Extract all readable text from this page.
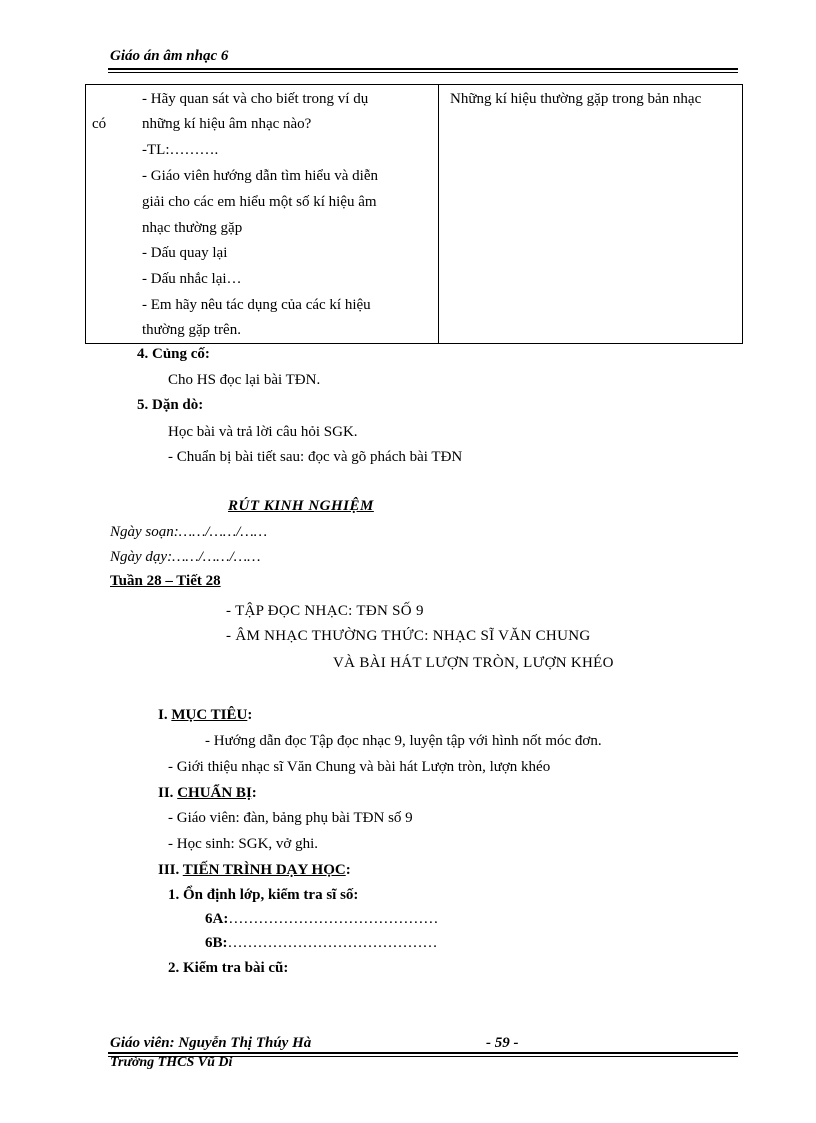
Giáo án âm nhạc 6
có
- Hãy quan sát và cho biết trong ví dụ
những kí hiệu âm nhạc nào?
-TL:……….
- Giáo viên hướng dẫn tìm hiểu và diễn
giải cho các em hiểu một số kí hiệu âm
nhạc thường gặp
- Dấu quay lại
- Dấu nhắc lại…
- Em hãy nêu tác dụng của các kí hiệu
thường gặp trên.
Những kí hiệu thường gặp trong bản nhạc
4. Củng cố:
Cho HS đọc lại bài TĐN.
5. Dặn dò:
Học bài và trả lời câu hỏi SGK.
- Chuẩn bị bài tiết sau: đọc và gõ phách bài TĐN
RÚT KINH NGHIỆM
Ngày soạn:……/……/……
Ngày dạy:……/……/……
Tuần 28 – Tiết 28
- TẬP ĐỌC NHẠC: TĐN SỐ 9
- ÂM NHẠC THƯỜNG THỨC: NHẠC SĨ VĂN CHUNG
VÀ BÀI HÁT LƯỢN TRÒN, LƯỢN KHÉO
I. MỤC TIÊU:
- Hướng dẫn đọc Tập đọc nhạc 9, luyện tập với hình nốt móc đơn.
- Giới thiệu nhạc sĩ Văn Chung và bài hát Lượn tròn, lượn khéo
II. CHUẨN BỊ:
- Giáo viên: đàn, bảng phụ bài TĐN số 9
- Học sinh: SGK, vở ghi.
III. TIẾN TRÌNH DẠY HỌC:
1. Ổn định lớp, kiểm tra sĩ số:
6A:……………………………………
6B:……………………………………
2. Kiểm tra bài cũ:
Giáo viên: Nguyễn Thị Thúy Hà	- 59 -
Trường THCS Vũ Di
